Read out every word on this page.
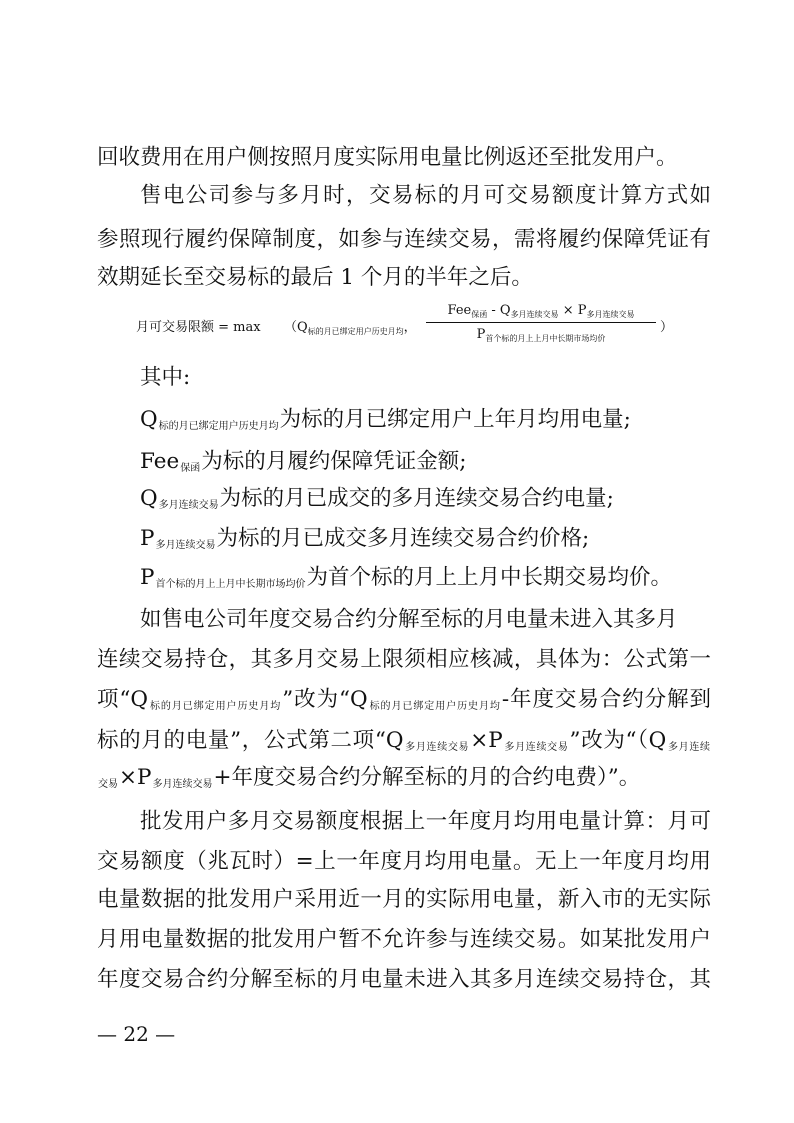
回收费用在用户侧按照月度实际用电量比例返还至批发用户。
售电公司参与多月时，交易标的月可交易额度计算方式如
参照现行履约保障制度，如参与连续交易，需将履约保障凭证有
效期延长至交易标的最后 1 个月的半年之后。
其中:
$Q_{标的月已绑定用户历史月均}$为标的月已绑定用户上年月均用电量;
Fee$_{保函}$为标的月履约保障凭证金额;
$Q_{多月连续交易}$为标的月已成交的多月连续交易合约电量;
$P_{多月连续交易}$为标的月已成交多月连续交易合约价格;
$P_{首个标的月上上月中长期市场均价}$为首个标的月上上月中长期交易均价。
如售电公司年度交易合约分解至标的月电量未进入其多月
连续交易持仓，其多月交易上限须相应核减，具体为：公式第一
项“$Q_{标的月已绑定用户历史月均}$”改为“$Q_{标的月已绑定用户历史月均}-$年度交易合约分解到
标的月的电量”，公式第二项“$Q_{多月连续交易}\times P_{多月连续交易}$”改为“（$Q_{多月连续}$
$_{交易}\times P_{多月连续交易}+$年度交易合约分解至标的月的合约电费）”。
批发用户多月交易额度根据上一年度月均用电量计算：月可
交易额度（兆瓦时）=上一年度月均用电量。无上一年度月均用
电量数据的批发用户采用近一月的实际用电量，新入市的无实际
月用电量数据的批发用户暂不允许参与连续交易。如某批发用户
年度交易合约分解至标的月电量未进入其多月连续交易持仓，其
月可交易限额 = $\max (Q_{标的月已绑定用户历史月均}$，
$Fee_{保函} - Q_{多月连续交易} \times P_{多月连续交易}$
$P_{首个标的月上上月中长期市场均价}$
）
— 22 —
